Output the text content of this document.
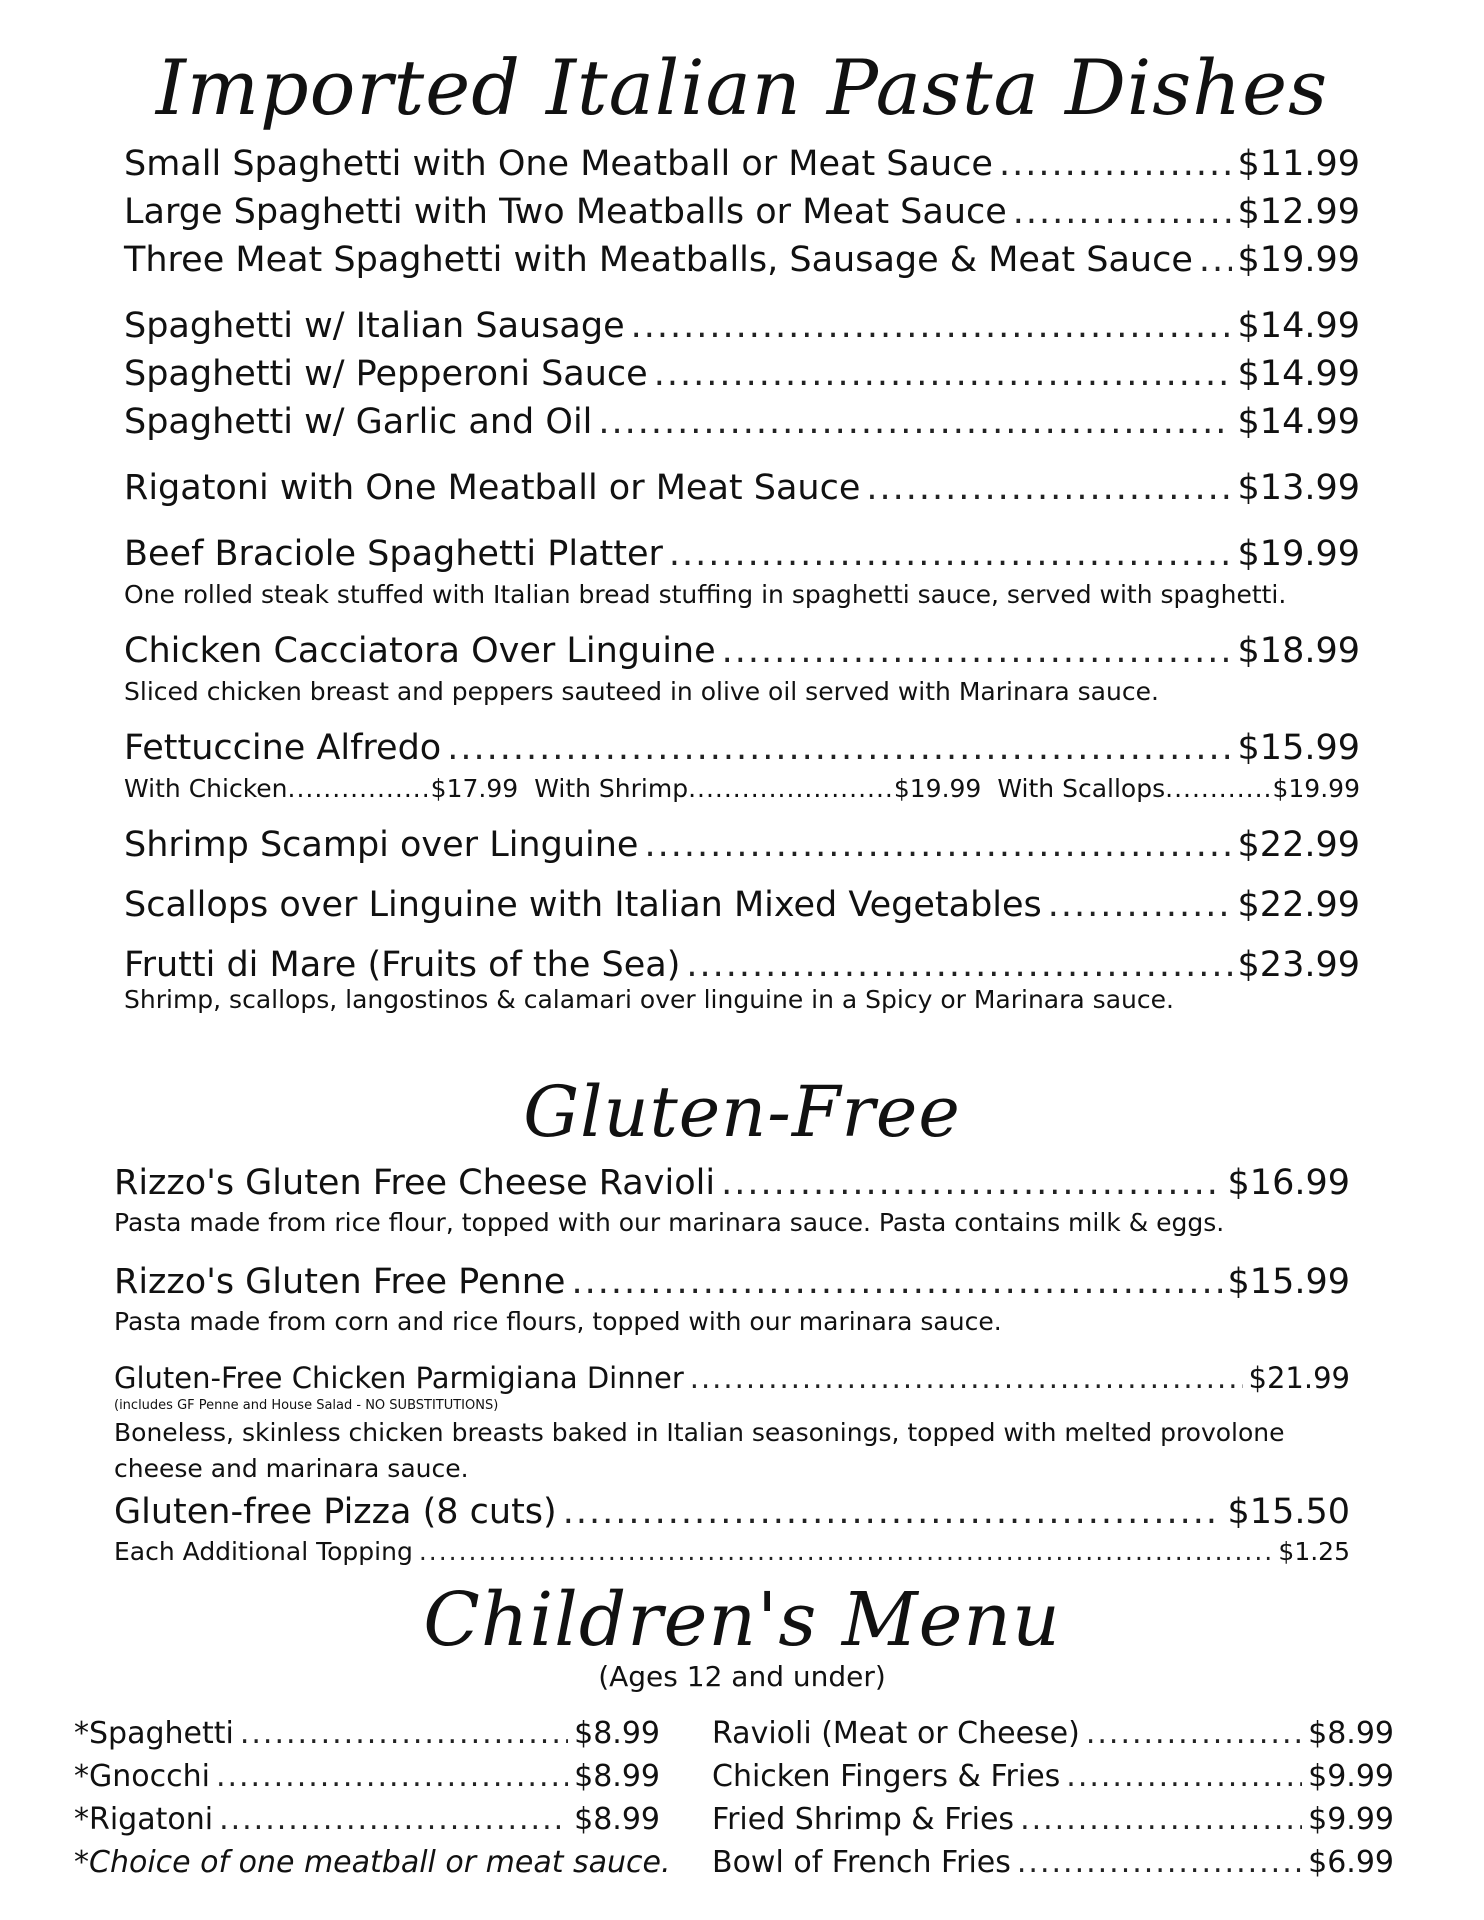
Imported Italian Pasta Dishes
Small Spaghetti with One Meatball or Meat Sauce .....	$11.99
Large Spaghetti with Two Meatballs or Meat Sauce .....	$12.99
Three Meat Spaghetti with Meatballs, Sausage & Meat Sauce ..... $19.99
Spaghetti w/ Italian Sausage .....	$14.99
Spaghetti w/ Pepperoni Sauce .....	$14.99
Spaghetti w/ Garlic and Oil .....	$14.99
Rigatoni with One Meatball or Meat Sauce .....	$13.99
Beef Braciole Spaghetti Platter .....	$19.99
One rolled steak stuffed with Italian bread stuffing in spaghetti sauce, served with spaghetti.
Chicken Cacciatora Over Linguine .....	$18.99
Sliced chicken breast and peppers sauteed in olive oil served with Marinara sauce.
Fettuccine Alfredo .....	$15.99
With Chicken ................ $17.99 With Shrimp ....................... $19.99 With Scallops ............ $19.99
Shrimp Scampi over Linguine .....	$22.99
Scallops over Linguine with Italian Mixed Vegetables .....	$22.99
Frutti di Mare (Fruits of the Sea) .....	$23.99
Shrimp, scallops, langostinos & calamari over linguine in a Spicy or Marinara sauce.
Gluten-Free
Rizzo's Gluten Free Cheese Ravioli .....	$16.99
Pasta made from rice flour, topped with our marinara sauce. Pasta contains milk & eggs.
Rizzo's Gluten Free Penne .....	$15.99
Pasta made from corn and rice flours, topped with our marinara sauce.
Gluten-Free Chicken Parmigiana Dinner .....	$21.99
(includes GF Penne and House Salad - NO SUBSTITUTIONS)
Boneless, skinless chicken breasts baked in Italian seasonings, topped with melted provolone
cheese and marinara sauce.
Gluten-free Pizza (8 cuts) .....	$15.50
Each Additional Topping .....	$1.25
Children's Menu
(Ages 12 and under)
*Spaghetti .....	$8.99
*Gnocchi .....	$8.99
*Rigatoni .....	$8.99
*Choice of one meatball or meat sauce.
Ravioli (Meat or Cheese) .....	$8.99
Chicken Fingers & Fries .....	$9.99
Fried Shrimp & Fries .....	$9.99
Bowl of French Fries .....	$6.99
